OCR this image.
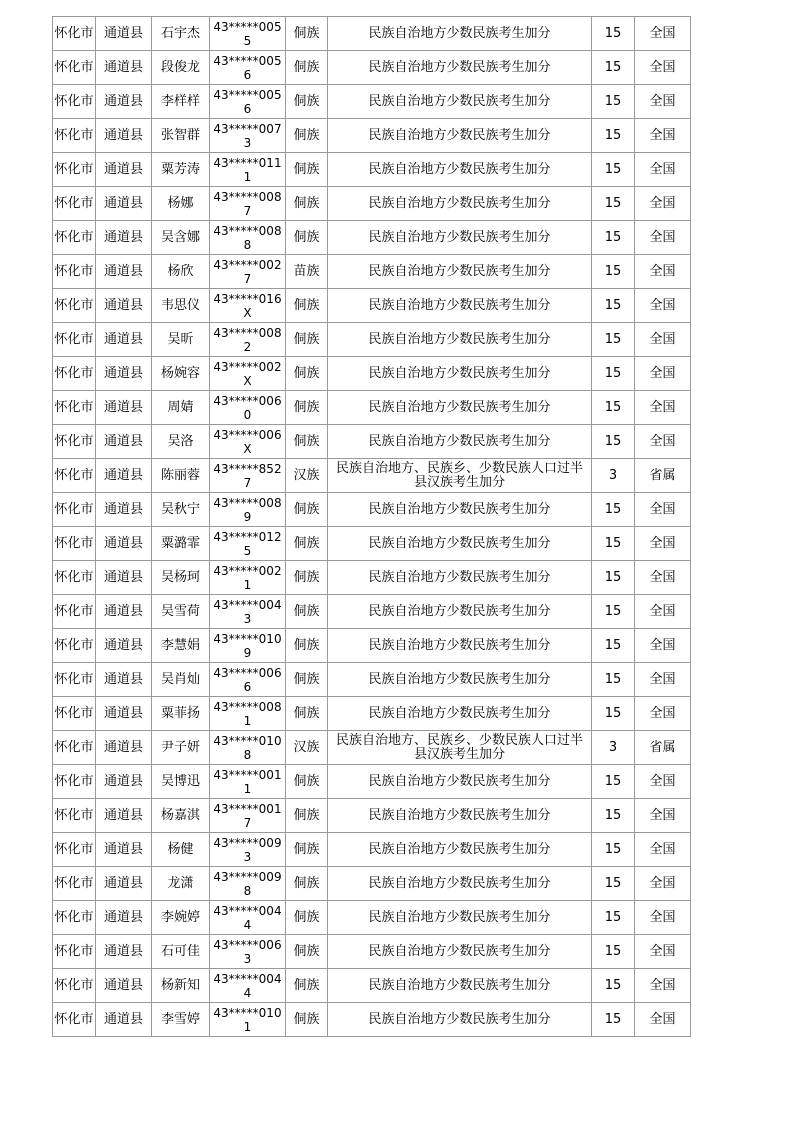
怀化市	通道县	石宇杰	43*****0055	侗族	民族自治地方少数民族考生加分	15	全国
怀化市	通道县	段俊龙	43*****0056	侗族	民族自治地方少数民族考生加分	15	全国
怀化市	通道县	李样样	43*****0056	侗族	民族自治地方少数民族考生加分	15	全国
怀化市	通道县	张智群	43*****0073	侗族	民族自治地方少数民族考生加分	15	全国
怀化市	通道县	粟芳涛	43*****0111	侗族	民族自治地方少数民族考生加分	15	全国
怀化市	通道县	杨娜	43*****0087	侗族	民族自治地方少数民族考生加分	15	全国
怀化市	通道县	吴含娜	43*****0088	侗族	民族自治地方少数民族考生加分	15	全国
怀化市	通道县	杨欣	43*****0027	苗族	民族自治地方少数民族考生加分	15	全国
怀化市	通道县	韦思仪	43*****016X	侗族	民族自治地方少数民族考生加分	15	全国
怀化市	通道县	吴昕	43*****0082	侗族	民族自治地方少数民族考生加分	15	全国
怀化市	通道县	杨婉容	43*****002X	侗族	民族自治地方少数民族考生加分	15	全国
怀化市	通道县	周婧	43*****0060	侗族	民族自治地方少数民族考生加分	15	全国
怀化市	通道县	吴洛	43*****006X	侗族	民族自治地方少数民族考生加分	15	全国
怀化市	通道县	陈丽蓉	43*****8527	汉族	民族自治地方、民族乡、少数民族人口过半县汉族考生加分	3	省属
怀化市	通道县	吴秋宁	43*****0089	侗族	民族自治地方少数民族考生加分	15	全国
怀化市	通道县	粟潞霏	43*****0125	侗族	民族自治地方少数民族考生加分	15	全国
怀化市	通道县	吴杨珂	43*****0021	侗族	民族自治地方少数民族考生加分	15	全国
怀化市	通道县	吴雪荷	43*****0043	侗族	民族自治地方少数民族考生加分	15	全国
怀化市	通道县	李慧娟	43*****0109	侗族	民族自治地方少数民族考生加分	15	全国
怀化市	通道县	吴肖灿	43*****0066	侗族	民族自治地方少数民族考生加分	15	全国
怀化市	通道县	粟菲扬	43*****0081	侗族	民族自治地方少数民族考生加分	15	全国
怀化市	通道县	尹子妍	43*****0108	汉族	民族自治地方、民族乡、少数民族人口过半县汉族考生加分	3	省属
怀化市	通道县	吴博迅	43*****0011	侗族	民族自治地方少数民族考生加分	15	全国
怀化市	通道县	杨嘉淇	43*****0017	侗族	民族自治地方少数民族考生加分	15	全国
怀化市	通道县	杨健	43*****0093	侗族	民族自治地方少数民族考生加分	15	全国
怀化市	通道县	龙潇	43*****0098	侗族	民族自治地方少数民族考生加分	15	全国
怀化市	通道县	李婉婷	43*****0044	侗族	民族自治地方少数民族考生加分	15	全国
怀化市	通道县	石可佳	43*****0063	侗族	民族自治地方少数民族考生加分	15	全国
怀化市	通道县	杨新知	43*****0044	侗族	民族自治地方少数民族考生加分	15	全国
怀化市	通道县	李雪婷	43*****0101	侗族	民族自治地方少数民族考生加分	15	全国
